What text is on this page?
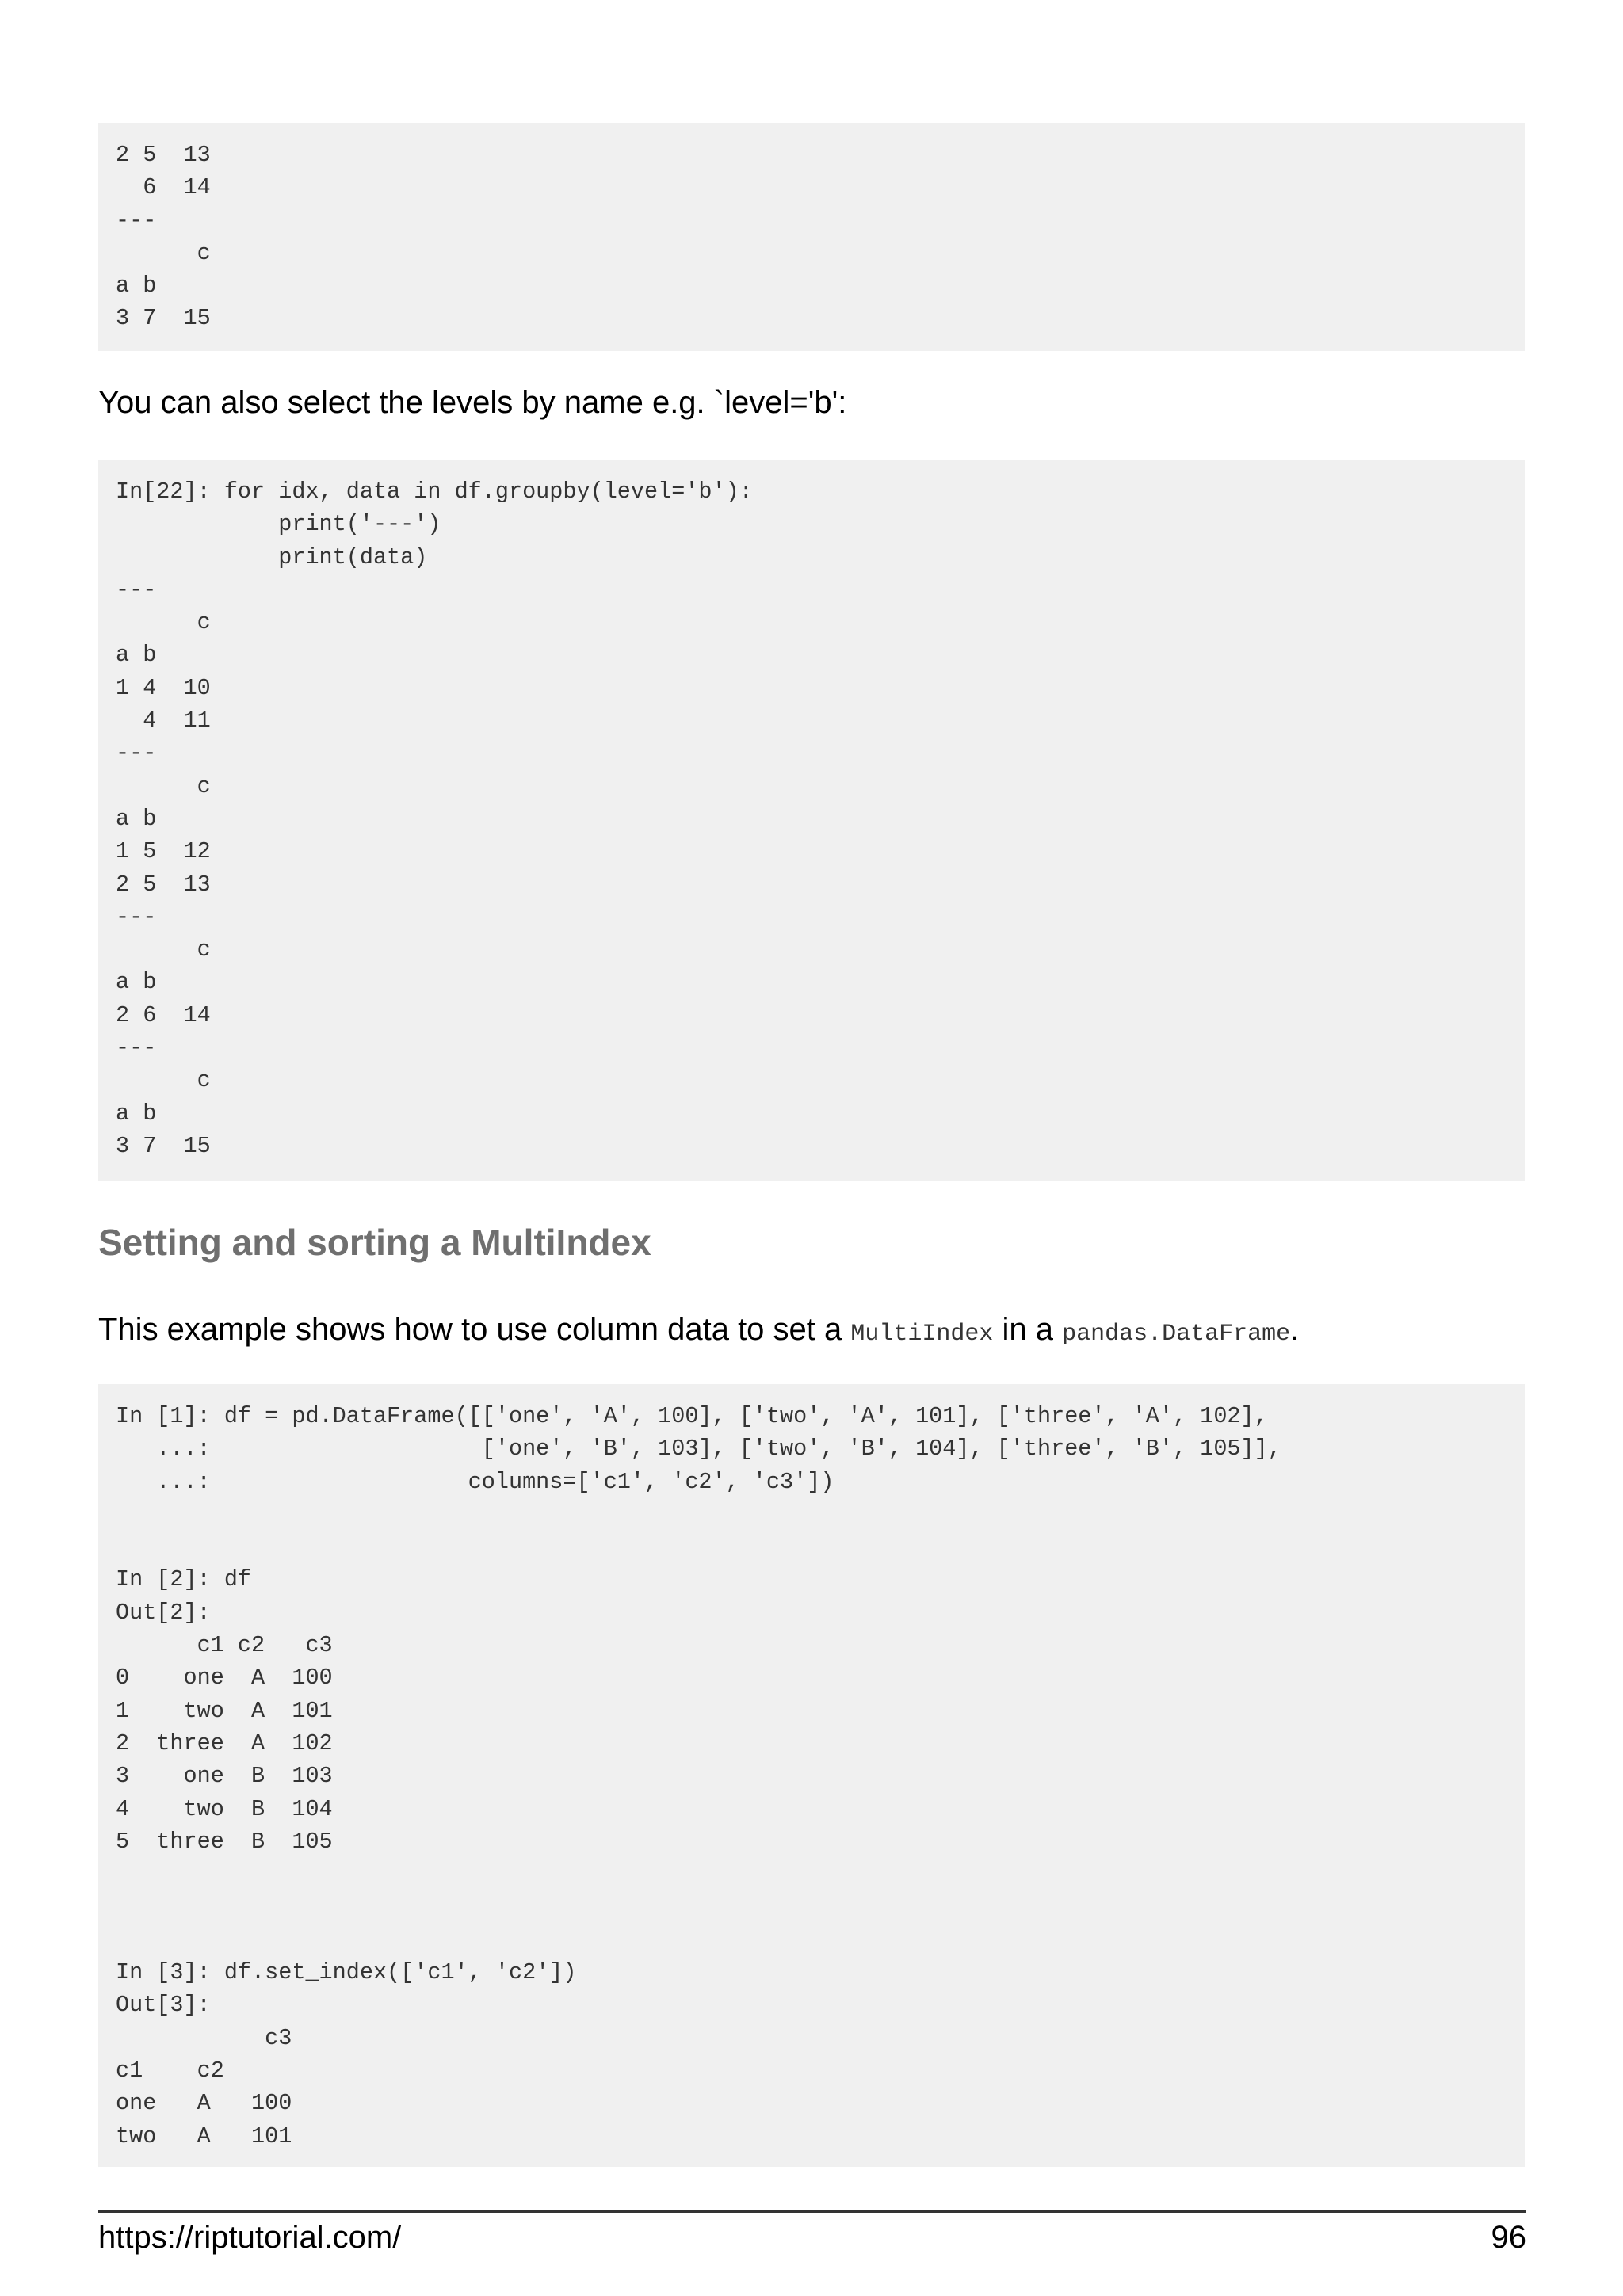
2 5  13
6  14
---
c
a b
3 7  15
You can also select the levels by name e.g. `level='b':
In[22]: for idx, data in df.groupby(level='b'):
print('---')
print(data)
---
c
a b
1 4  10
4  11
---
c
a b
1 5  12
2 5  13
---
c
a b
2 6  14
---
c
a b
3 7  15
Setting and sorting a MultiIndex
This example shows how to use column data to set a MultiIndex in a pandas.DataFrame.
In [1]: df = pd.DataFrame([['one', 'A', 100], ['two', 'A', 101], ['three', 'A', 102],
...:                    ['one', 'B', 103], ['two', 'B', 104], ['three', 'B', 105]],
...:                   columns=['c1', 'c2', 'c3'])
In [2]: df
Out[2]:
c1 c2   c3
0    one  A  100
1    two  A  101
2  three  A  102
3    one  B  103
4    two  B  104
5  three  B  105
In [3]: df.set_index(['c1', 'c2'])
Out[3]:
c3
c1    c2
one   A   100
two   A   101
https://riptutorial.com/	96
